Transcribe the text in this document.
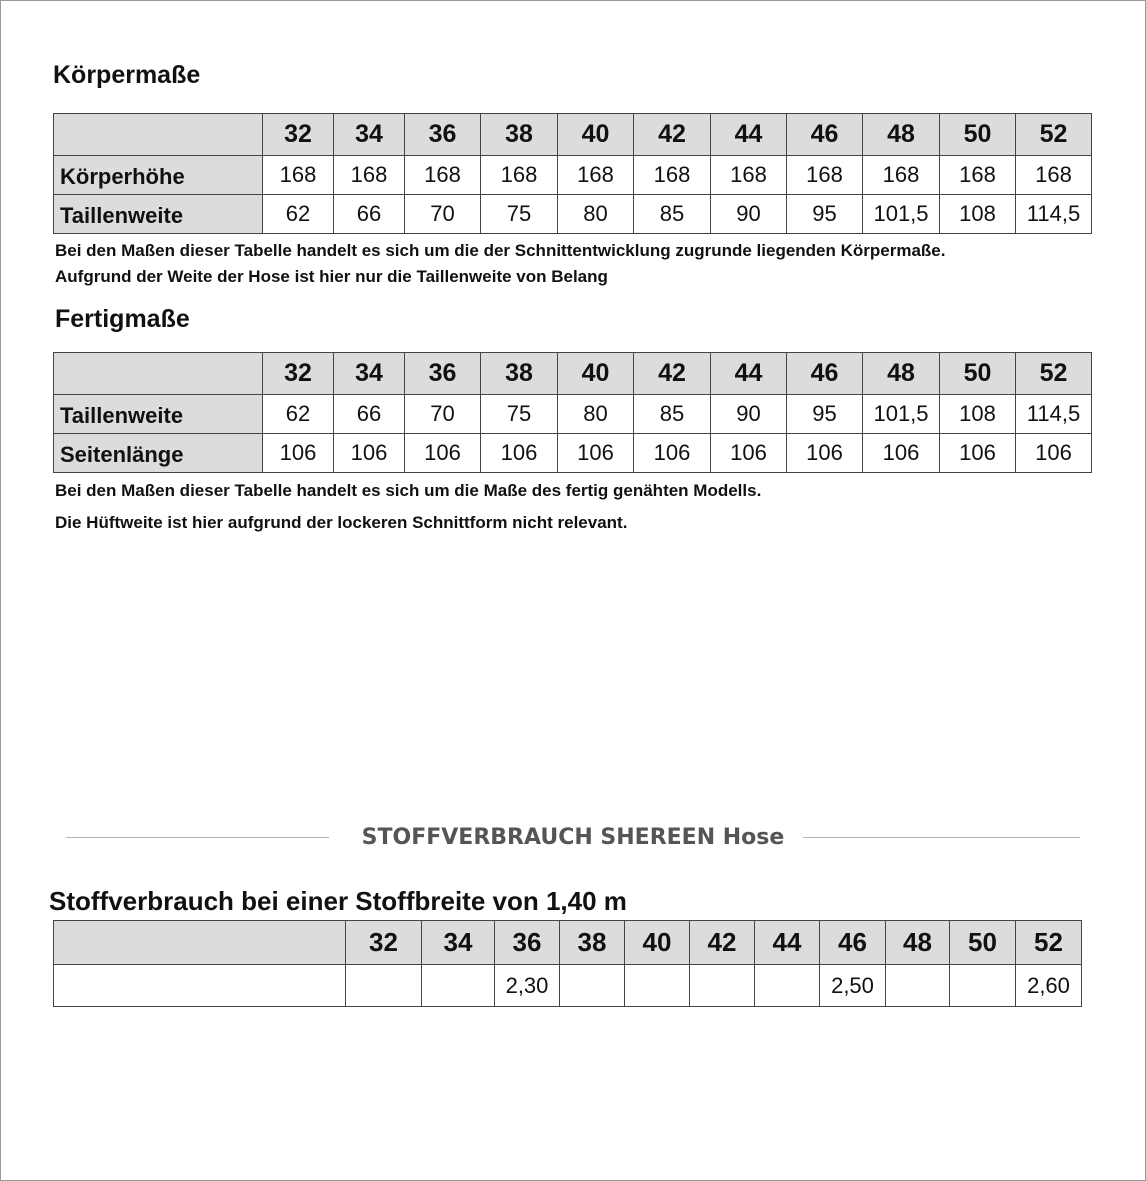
Körpermaße
	32	34	36	38	40	42	44	46	48	50	52
Körperhöhe	168	168	168	168	168	168	168	168	168	168	168
Taillenweite	62	66	70	75	80	85	90	95	101,5	108	114,5

Bei den Maßen dieser Tabelle handelt es sich um die der Schnittentwicklung zugrunde liegenden Körpermaße.

Aufgrund der Weite der Hose ist hier nur die Taillenweite von Belang

Fertigmaße
	32	34	36	38	40	42	44	46	48	50	52
Taillenweite	62	66	70	75	80	85	90	95	101,5	108	114,5
Seitenlänge	106	106	106	106	106	106	106	106	106	106	106

Bei den Maßen dieser Tabelle handelt es sich um die Maße des fertig genähten Modells.

Die Hüftweite ist hier aufgrund der lockeren Schnittform nicht relevant.

STOFFVERBRAUCH SHEREEN Hose
Stoffverbrauch bei einer Stoffbreite von 1,40 m
	32	34	36	38	40	42	44	46	48	50	52
			2,30					2,50			2,60
